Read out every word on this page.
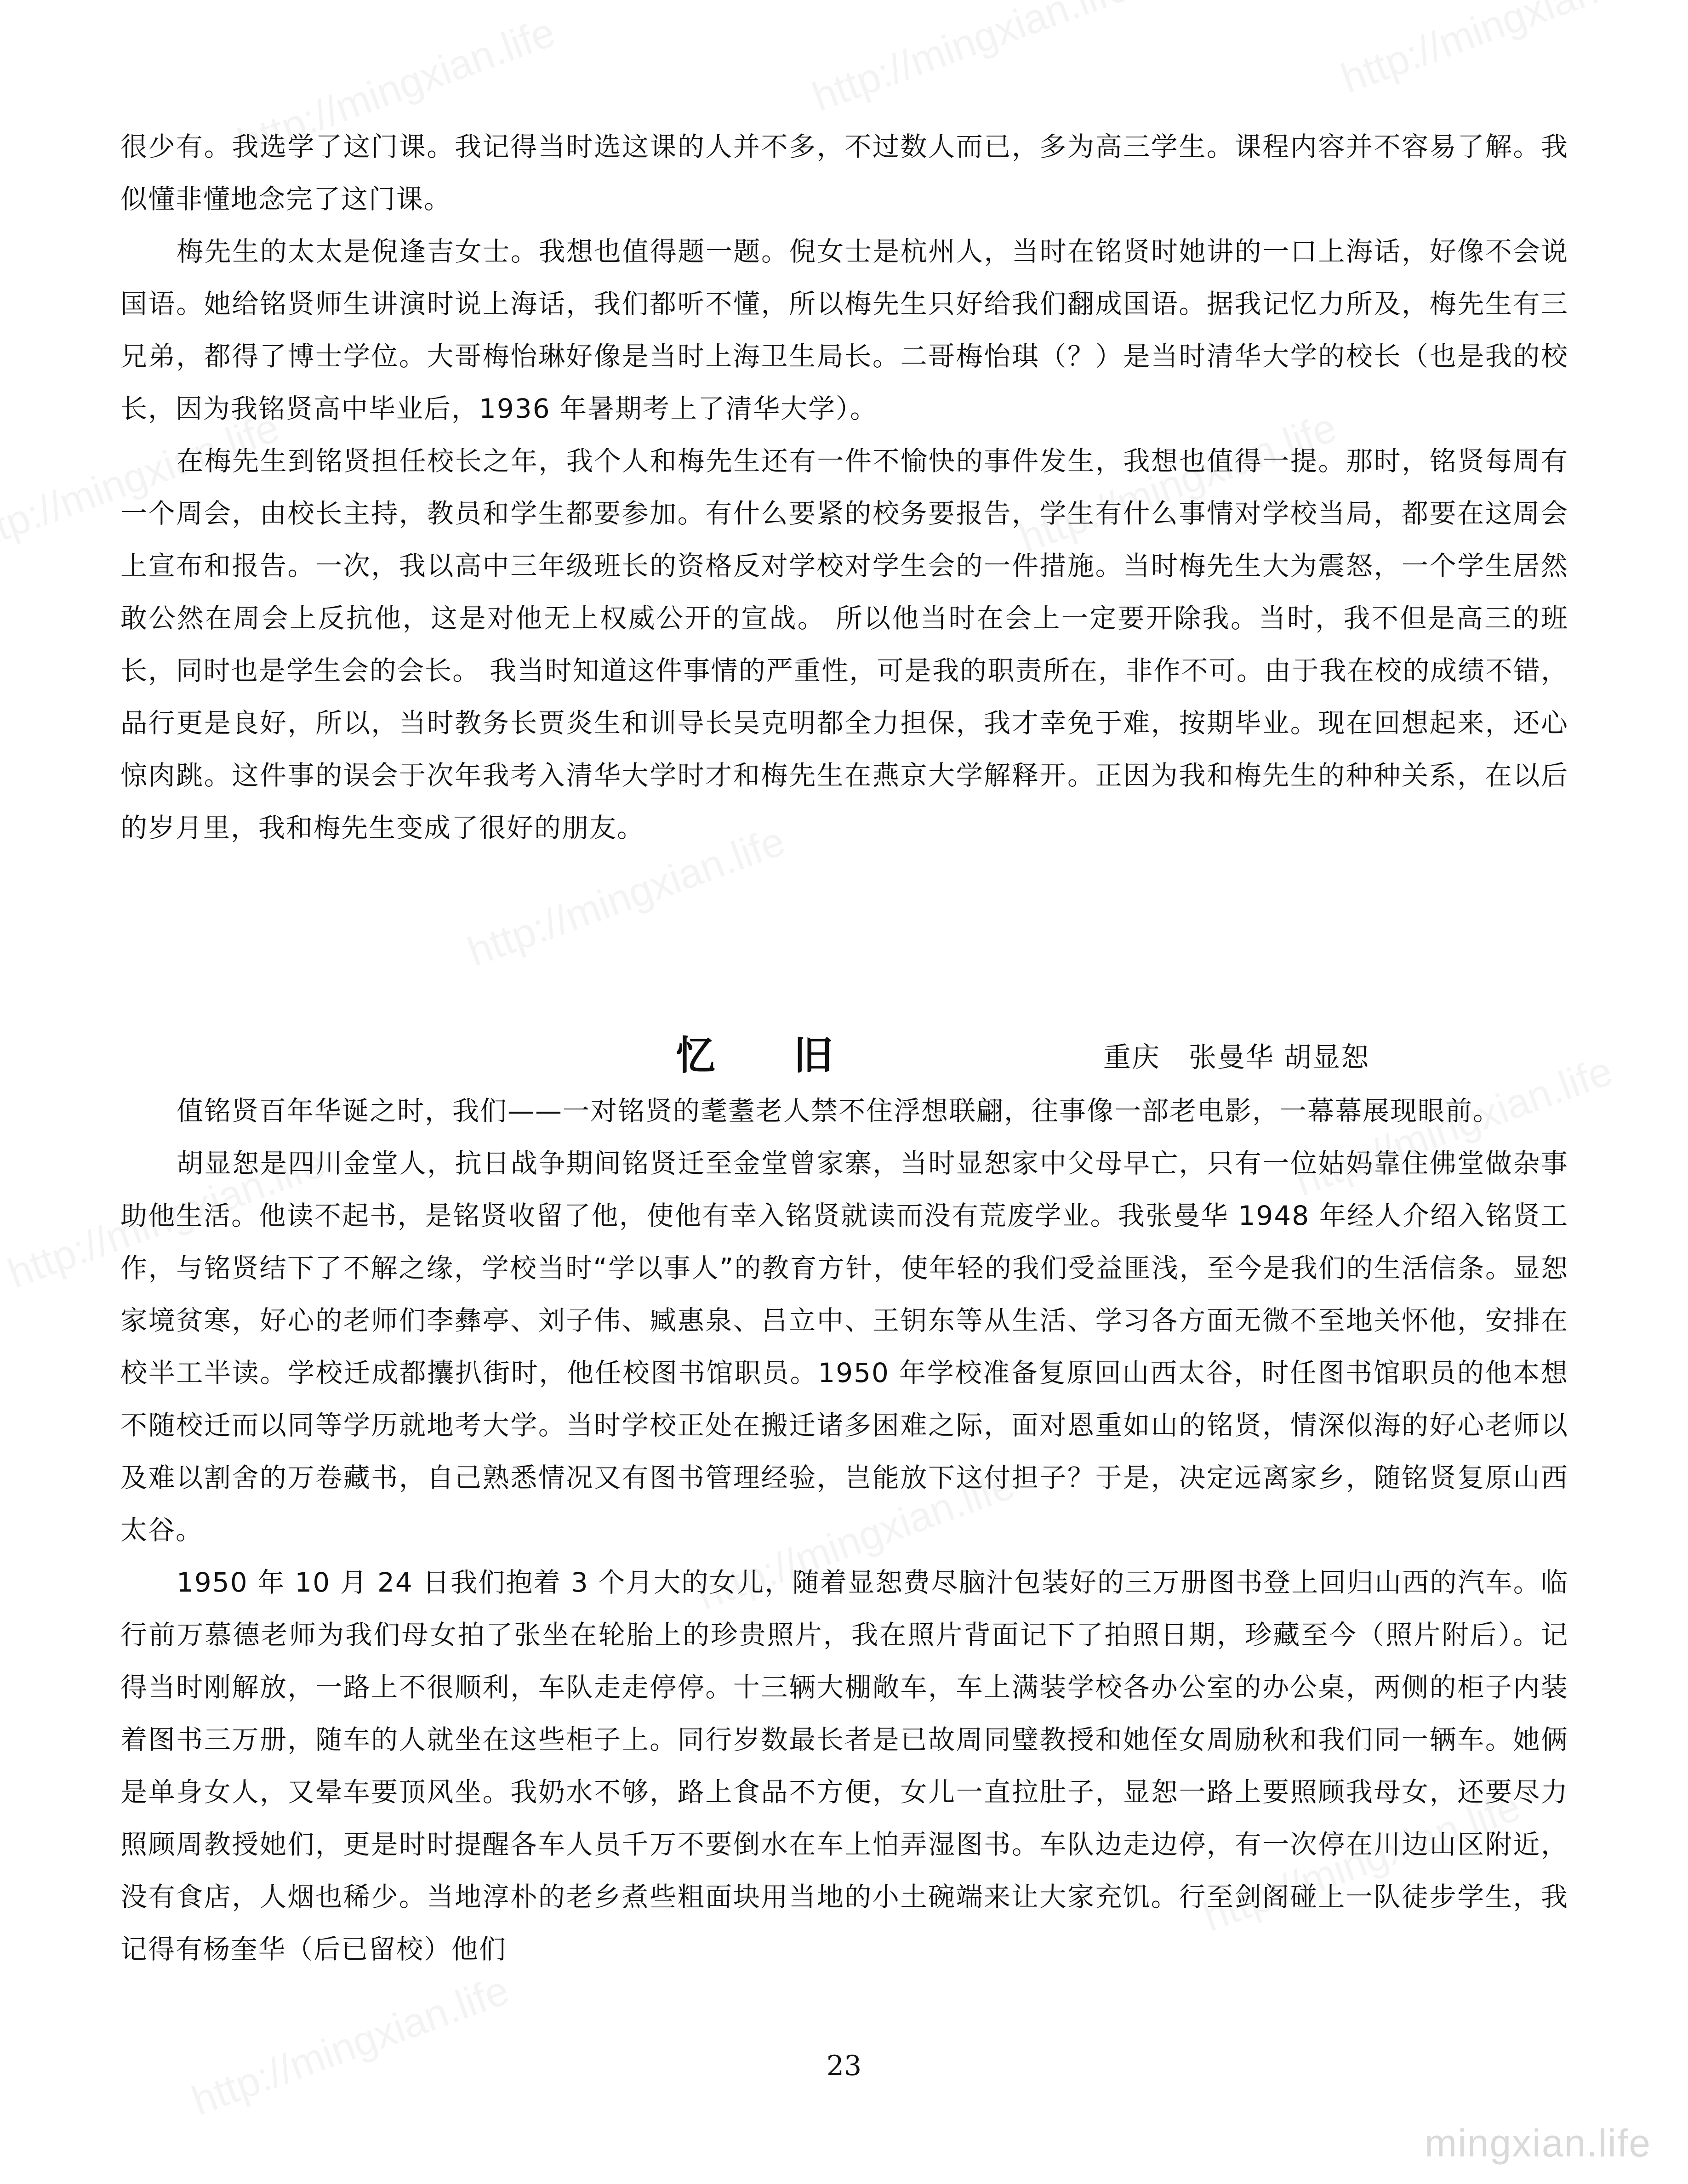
很少有。我选学了这门课。我记得当时选这课的人并不多，不过数人而已，多为高三学生。课程内容并不容易了解。我似懂非懂地念完了这门课。

梅先生的太太是倪逢吉女士。我想也值得题一题。倪女士是杭州人，当时在铭贤时她讲的一口上海话，好像不会说国语。她给铭贤师生讲演时说上海话，我们都听不懂，所以梅先生只好给我们翻成国语。据我记忆力所及，梅先生有三兄弟，都得了博士学位。大哥梅怡琳好像是当时上海卫生局长。二哥梅怡琪（？）是当时清华大学的校长（也是我的校长，因为我铭贤高中毕业后，1936 年暑期考上了清华大学）。

在梅先生到铭贤担任校长之年，我个人和梅先生还有一件不愉快的事件发生，我想也值得一提。那时，铭贤每周有一个周会，由校长主持，教员和学生都要参加。有什么要紧的校务要报告，学生有什么事情对学校当局，都要在这周会上宣布和报告。一次，我以高中三年级班长的资格反对学校对学生会的一件措施。当时梅先生大为震怒，一个学生居然敢公然在周会上反抗他，这是对他无上权威公开的宣战。 所以他当时在会上一定要开除我。当时，我不但是高三的班长，同时也是学生会的会长。 我当时知道这件事情的严重性，可是我的职责所在，非作不可。由于我在校的成绩不错，品行更是良好，所以，当时教务长贾炎生和训导长吴克明都全力担保，我才幸免于难，按期毕业。现在回想起来，还心惊肉跳。这件事的误会于次年我考入清华大学时才和梅先生在燕京大学解释开。正因为我和梅先生的种种关系，在以后的岁月里，我和梅先生变成了很好的朋友。

忆旧	重庆　张曼华 胡显恕

值铭贤百年华诞之时，我们——一对铭贤的耄耋老人禁不住浮想联翩，往事像一部老电影，一幕幕展现眼前。

胡显恕是四川金堂人，抗日战争期间铭贤迁至金堂曾家寨，当时显恕家中父母早亡，只有一位姑妈靠住佛堂做杂事助他生活。他读不起书，是铭贤收留了他，使他有幸入铭贤就读而没有荒废学业。我张曼华 1948 年经人介绍入铭贤工作，与铭贤结下了不解之缘，学校当时“学以事人”的教育方针，使年轻的我们受益匪浅，至今是我们的生活信条。显恕家境贫寒，好心的老师们李彝亭、刘子伟、臧惠泉、吕立中、王钥东等从生活、学习各方面无微不至地关怀他，安排在校半工半读。学校迁成都攮扒街时，他任校图书馆职员。1950 年学校准备复原回山西太谷，时任图书馆职员的他本想不随校迁而以同等学历就地考大学。当时学校正处在搬迁诸多困难之际，面对恩重如山的铭贤，情深似海的好心老师以及难以割舍的万卷藏书，自己熟悉情况又有图书管理经验，岂能放下这付担子？于是，决定远离家乡，随铭贤复原山西太谷。

1950 年 10 月 24 日我们抱着 3 个月大的女儿，随着显恕费尽脑汁包装好的三万册图书登上回归山西的汽车。临行前万慕德老师为我们母女拍了张坐在轮胎上的珍贵照片，我在照片背面记下了拍照日期，珍藏至今（照片附后）。记得当时刚解放，一路上不很顺利，车队走走停停。十三辆大棚敞车，车上满装学校各办公室的办公桌，两侧的柜子内装着图书三万册，随车的人就坐在这些柜子上。同行岁数最长者是已故周同璧教授和她侄女周励秋和我们同一辆车。她俩是单身女人，又晕车要顶风坐。我奶水不够，路上食品不方便，女儿一直拉肚子，显恕一路上要照顾我母女，还要尽力照顾周教授她们，更是时时提醒各车人员千万不要倒水在车上怕弄湿图书。车队边走边停，有一次停在川边山区附近，没有食店，人烟也稀少。当地淳朴的老乡煮些粗面块用当地的小土碗端来让大家充饥。行至剑阁碰上一队徒步学生，我记得有杨奎华（后已留校）他们

23
mingxian.life
